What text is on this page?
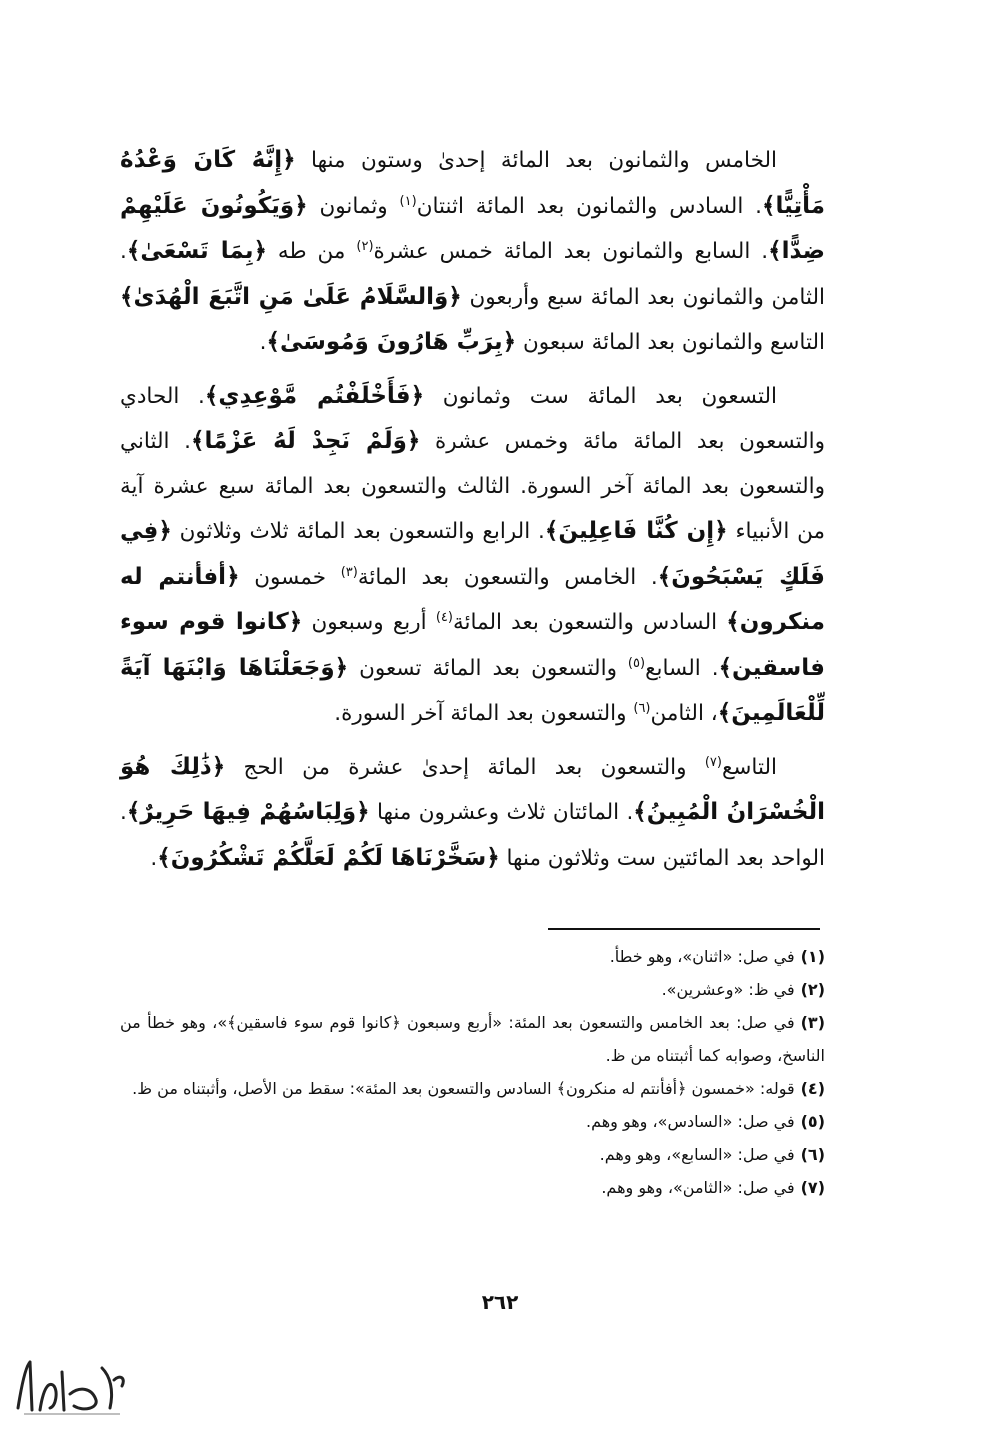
الخامس والثمانون بعد المائة إحدىٰ وستون منها ﴿إِنَّهُ كَانَ وَعْدُهُ مَأْتِيًّا﴾. السادس والثمانون بعد المائة اثنتان$^{(١)}$ وثمانون ﴿وَيَكُونُونَ عَلَيْهِمْ ضِدًّا﴾. السابع والثمانون بعد المائة خمس عشرة$^{(٢)}$ من طه ﴿بِمَا تَسْعَىٰ﴾. الثامن والثمانون بعد المائة سبع وأربعون ﴿وَالسَّلَامُ عَلَىٰ مَنِ اتَّبَعَ الْهُدَىٰ﴾ التاسع والثمانون بعد المائة سبعون ﴿بِرَبِّ هَارُونَ وَمُوسَىٰ﴾.

التسعون بعد المائة ست وثمانون ﴿فَأَخْلَفْتُم مَّوْعِدِي﴾. الحادي والتسعون بعد المائة مائة وخمس عشرة ﴿وَلَمْ نَجِدْ لَهُ عَزْمًا﴾. الثاني والتسعون بعد المائة آخر السورة. الثالث والتسعون بعد المائة سبع عشرة آية من الأنبياء ﴿إِن كُنَّا فَاعِلِينَ﴾. الرابع والتسعون بعد المائة ثلاث وثلاثون ﴿فِي فَلَكٍ يَسْبَحُونَ﴾. الخامس والتسعون بعد المائة$^{(٣)}$ خمسون ﴿أفأنتم له منكرون﴾ السادس والتسعون بعد المائة$^{(٤)}$ أربع وسبعون ﴿كانوا قوم سوء فاسقين﴾. السابع$^{(٥)}$ والتسعون بعد المائة تسعون ﴿وَجَعَلْنَاهَا وَابْنَهَا آيَةً لِّلْعَالَمِينَ﴾، الثامن$^{(٦)}$ والتسعون بعد المائة آخر السورة.

التاسع$^{(٧)}$ والتسعون بعد المائة إحدىٰ عشرة من الحج ﴿ذَٰلِكَ هُوَ الْخُسْرَانُ الْمُبِينُ﴾. المائتان ثلاث وعشرون منها ﴿وَلِبَاسُهُمْ فِيهَا حَرِيرٌ﴾. الواحد بعد المائتين ست وثلاثون منها ﴿سَخَّرْنَاهَا لَكُمْ لَعَلَّكُمْ تَشْكُرُونَ﴾.

(١)في صل: «اثنان»، وهو خطأ.

(٢)في ظ: «وعشرين».

(٣)في صل: بعد الخامس والتسعون بعد المئة: «أربع وسبعون ﴿كانوا قوم سوء فاسقين﴾»، وهو خطأ من الناسخ، وصوابه كما أثبتناه من ظ.

(٤)قوله: «خمسون ﴿أفأنتم له منكرون﴾ السادس والتسعون بعد المئة»: سقط من الأصل، وأثبتناه من ظ.

(٥)في صل: «السادس»، وهو وهم.

(٦)في صل: «السابع»، وهو وهم.

(٧)في صل: «الثامن»، وهو وهم.

٢٦٢
